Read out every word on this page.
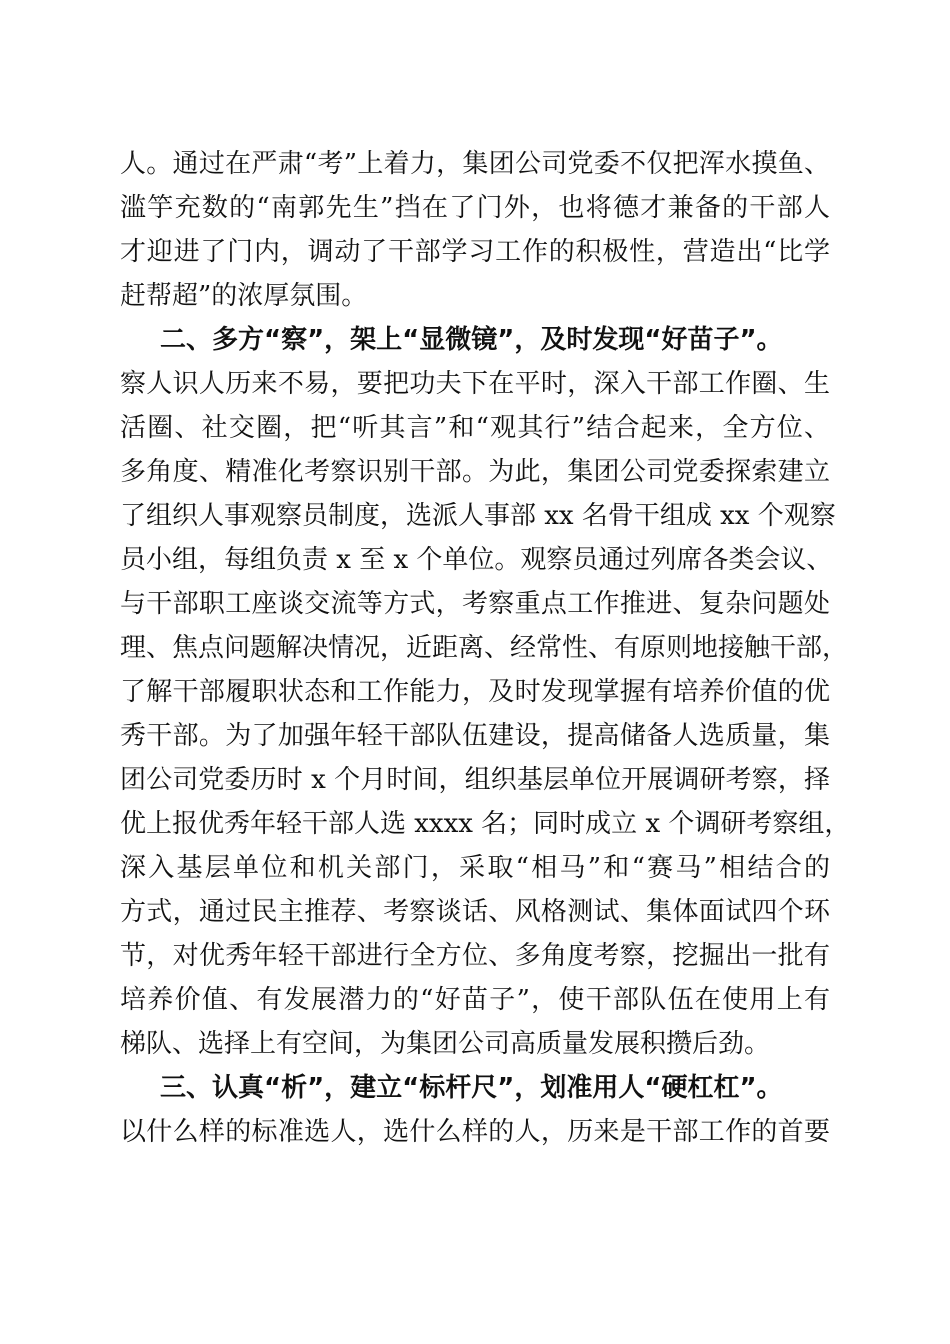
人。通过在严肃“考”上着力，集团公司党委不仅把浑水摸鱼、
滥竽充数的“南郭先生”挡在了门外，也将德才兼备的干部人
才迎进了门内，调动了干部学习工作的积极性，营造出“比学
赶帮超”的浓厚氛围。
二、多方“察”，架上“显微镜”，及时发现“好苗子”。
察人识人历来不易，要把功夫下在平时，深入干部工作圈、生
活圈、社交圈，把“听其言”和“观其行”结合起来，全方位、
多角度、精准化考察识别干部。为此，集团公司党委探索建立
了组织人事观察员制度，选派人事部 xx 名骨干组成 xx 个观察
员小组，每组负责 x 至 x 个单位。观察员通过列席各类会议、
与干部职工座谈交流等方式，考察重点工作推进、复杂问题处
理、焦点问题解决情况，近距离、经常性、有原则地接触干部，
了解干部履职状态和工作能力，及时发现掌握有培养价值的优
秀干部。为了加强年轻干部队伍建设，提高储备人选质量，集
团公司党委历时 x 个月时间，组织基层单位开展调研考察，择
优上报优秀年轻干部人选 xxxx 名；同时成立 x 个调研考察组，
深入基层单位和机关部门，采取“相马”和“赛马”相结合的
方式，通过民主推荐、考察谈话、风格测试、集体面试四个环
节，对优秀年轻干部进行全方位、多角度考察，挖掘出一批有
培养价值、有发展潜力的“好苗子”，使干部队伍在使用上有
梯队、选择上有空间，为集团公司高质量发展积攒后劲。
三、认真“析”，建立“标杆尺”，划准用人“硬杠杠”。
以什么样的标准选人，选什么样的人，历来是干部工作的首要
